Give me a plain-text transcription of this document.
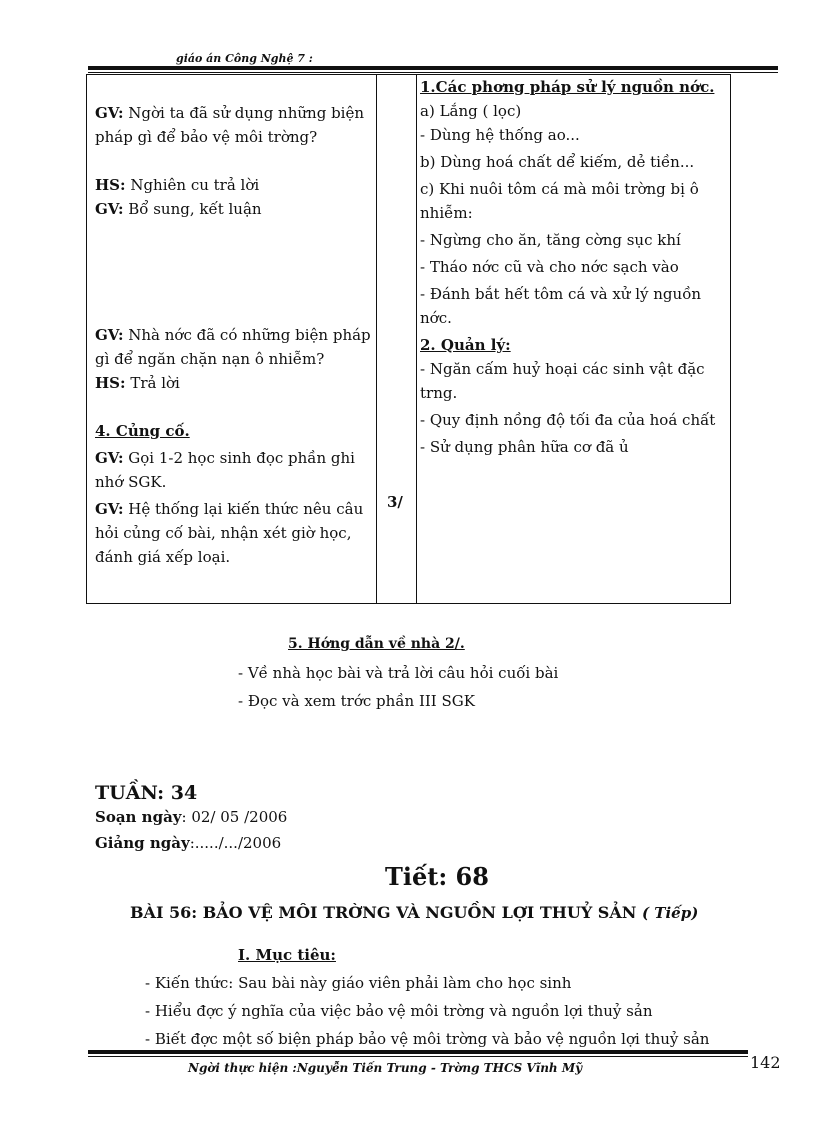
giáo án Công Nghệ 7 :

GV: Ngời ta đã sử dụng những biện pháp gì để bảo vệ môi trờng?

HS: Nghiên cu trả lời

GV: Bổ sung, kết luận

GV: Nhà nớc đã có những biện pháp gì để ngăn chặn nạn ô nhiễm?

HS: Trả lời

4. Củng cố.

GV: Gọi 1-2 học sinh đọc phần ghi nhớ SGK.

GV: Hệ thống lại kiến thức nêu câu hỏi củng cố bài, nhận xét giờ học, đánh giá xếp loại.

3/

1.Các phơng pháp sử lý nguồn nớc.

a) Lắng ( lọc)

- Dùng hệ thống ao...

b) Dùng hoá chất dể kiếm, dẻ tiền...

c) Khi nuôi tôm cá mà môi trờng bị ô nhiễm:

- Ngừng cho ăn, tăng cờng sục khí

- Tháo nớc cũ và cho nớc sạch vào

- Đánh bắt hết tôm cá và xử lý nguồn nớc.

2. Quản lý:

- Ngăn cấm huỷ hoại các sinh vật đặc trng.

- Quy định nồng độ tối đa của hoá chất

- Sử dụng phân hữa cơ đã ủ

5. Hớng dẫn về nhà 2/.
- Về nhà học bài và trả lời câu hỏi cuối bài
- Đọc và xem trớc phần III SGK
TUẦN: 34
Soạn ngày: 02/ 05 /2006
Giảng ngày:...../.../2006
Tiết: 68
BÀI 56: BẢO VỆ MÔI TRỜNG VÀ NGUỒN LỢI THUỶ SẢN ( Tiếp)
I. Mục tiêu:
- Kiến thức: Sau bài này giáo viên phải làm cho học sinh
- Hiểu đợc ý nghĩa của việc bảo vệ môi trờng và nguồn lợi thuỷ sản
- Biết đợc một số biện pháp bảo vệ môi trờng và bảo vệ nguồn lợi thuỷ sản
Ngời thực hiện :Nguyễn Tiến Trung - Trờng THCS Vĩnh Mỹ	142
